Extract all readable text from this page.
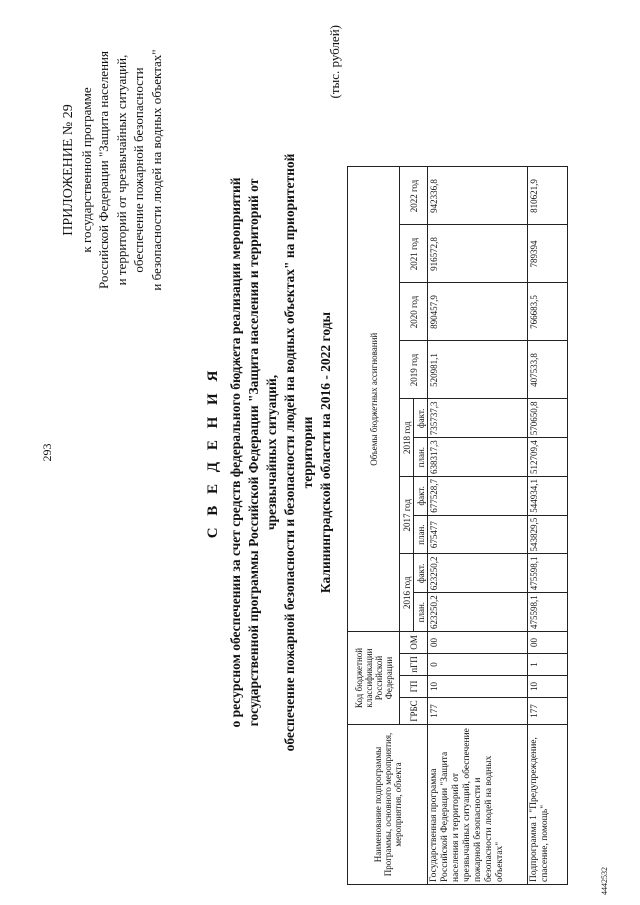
293
ПРИЛОЖЕНИЕ № 29 к государственной программе Российской Федерации "Защита населения и территорий от чрезвычайных ситуаций, обеспечение пожарной безопасности и безопасности людей на водных объектах"
С В Е Д Е Н И Я о ресурсном обеспечении за счет средств федерального бюджета реализации мероприятий государственной программы Российской Федерации "Защита населения и территорий от чрезвычайных ситуаций, обеспечение пожарной безопасности и безопасности людей на водных объектах" на приоритетной территории Калининградской области на 2016 - 2022 годы
(тыс. рублей)
Наименование подпрограммы Программы, основного мероприятия, мероприятия, объекта	Код бюджетной классификации Российской Федерации				Объемы бюджетных ассигнований									
	ГРБС	ГП	пГП	ОМ	2016 год		2017 год		2018 год		2019 год	2020 год	2021 год	2022 год
					план.	факт.	план.	факт.	план.	факт.				
Государственная программа Российской Федерации "Защита населения и территорий от чрезвычайных ситуаций, обеспечение пожарной безопасности и безопасности людей на водных объектах"	177	10	0	00	623250,2	623250,2	675477	677528,7	638317,3	735737,3	520981,1	890457,9	916572,8	942336,8
Подпрограмма 1 "Предупреждение, спасение, помощь"	177	10	1	00	475598,1	475598,1	543829,5	544934,1	512709,4	570650,8	407533,8	766683,5	789394	810621,9
4442532
